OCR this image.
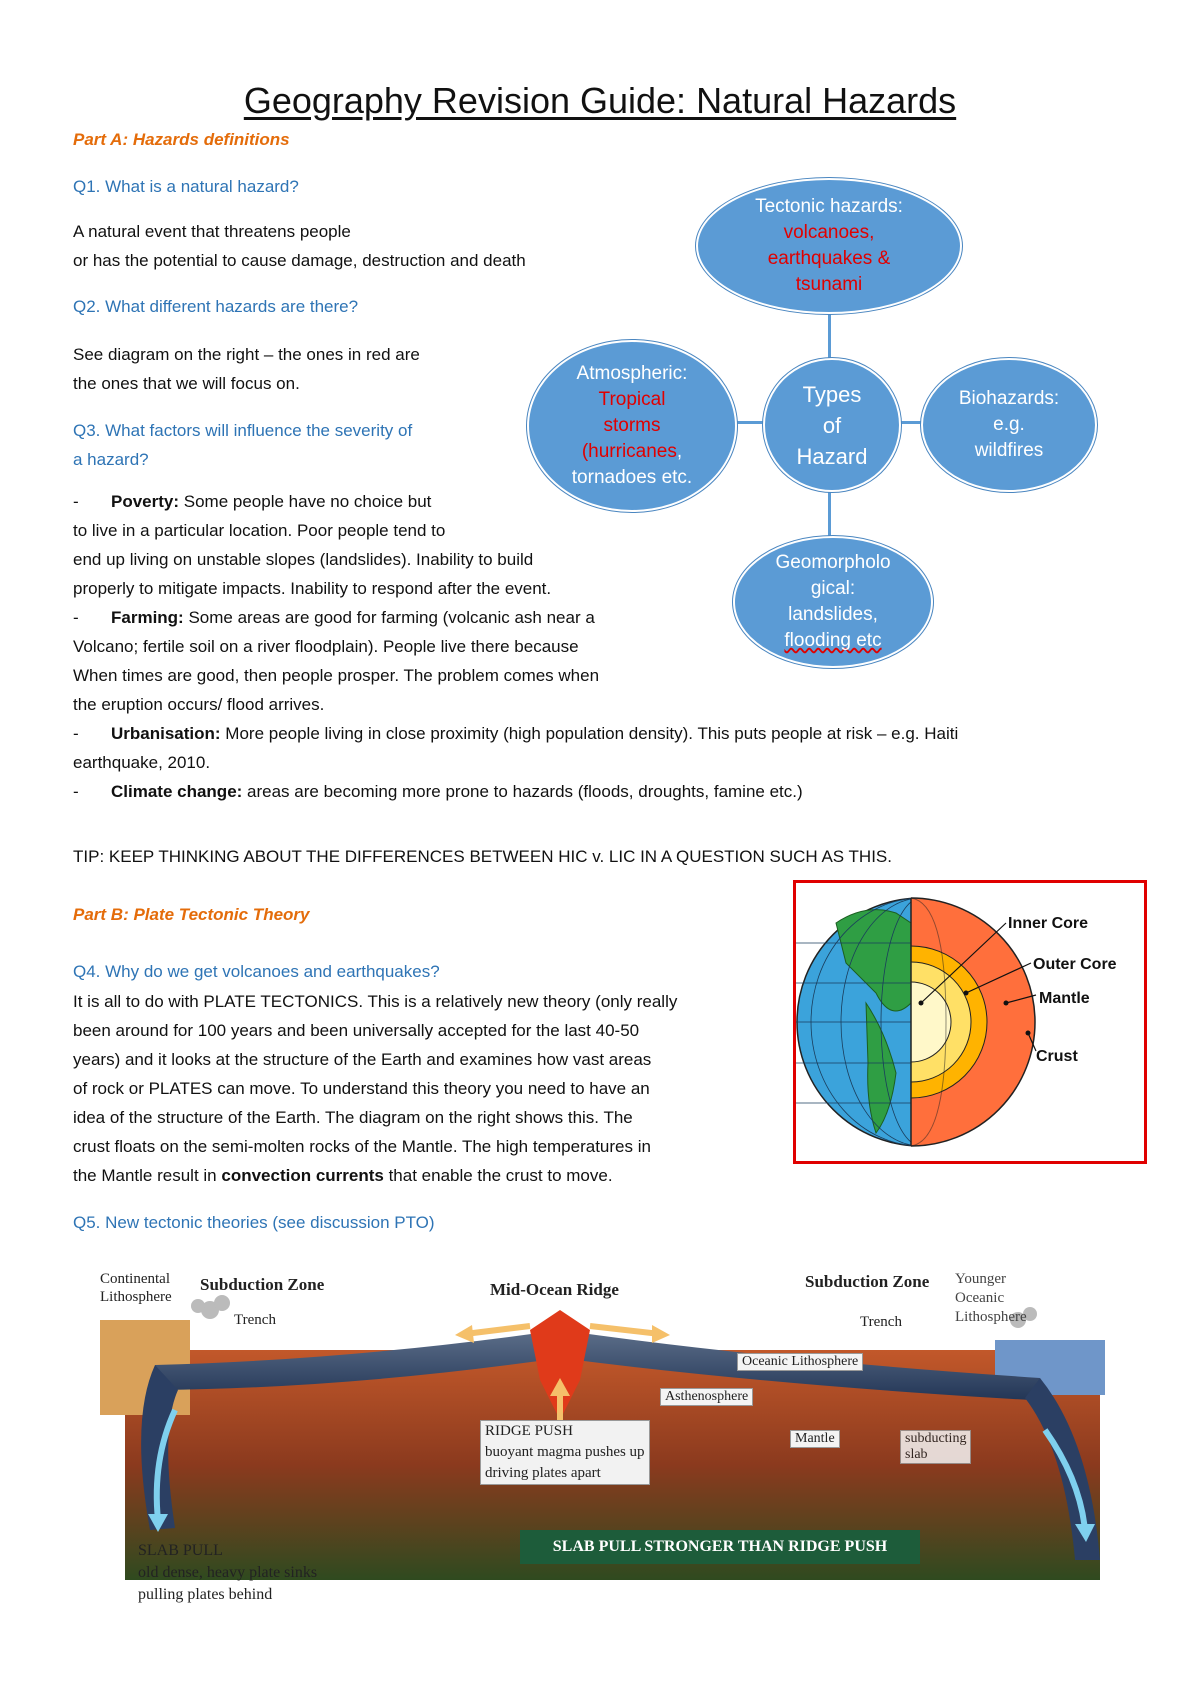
Geography Revision Guide: Natural Hazards
Part A: Hazards definitions
Q1. What is a natural hazard?
A natural event that threatens people
or has the potential to cause damage, destruction and death
Q2. What different hazards are there?
See diagram on the right – the ones in red are
the ones that we will focus on.
Q3. What factors will influence the severity of
a hazard?
- Poverty: Some people have no choice but
to live in a particular location. Poor people tend to
end up living on unstable slopes (landslides). Inability to build
properly to mitigate impacts. Inability to respond after the event.
- Farming: Some areas are good for farming (volcanic ash near a
Volcano; fertile soil on a river floodplain). People live there because
When times are good, then people prosper. The problem comes when
the eruption occurs/ flood arrives.
- Urbanisation: More people living in close proximity (high population density). This puts people at risk – e.g. Haiti
earthquake, 2010.
- Climate change: areas are becoming more prone to hazards (floods, droughts, famine etc.)
TIP: KEEP THINKING ABOUT THE DIFFERENCES BETWEEN HIC v. LIC IN A QUESTION SUCH AS THIS.
Types
of
Hazard
Tectonic hazards:
volcanoes,
earthquakes &
tsunami
Atmospheric:
Tropical
storms
(hurricanes,
tornadoes etc.
Biohazards:
e.g.
wildfires
Geomorpholo
gical:
landslides,
flooding etc
Part B: Plate Tectonic Theory
Q4. Why do we get volcanoes and earthquakes?
It is all to do with PLATE TECTONICS. This is a relatively new theory (only really
been around for 100 years and been universally accepted for the last 40-50
years) and it looks at the structure of the Earth and examines how vast areas
of rock or PLATES can move. To understand this theory you need to have an
idea of the structure of the Earth. The diagram on the right shows this. The
crust floats on the semi-molten rocks of the Mantle. The high temperatures in
the Mantle result in convection currents that enable the crust to move.
Q5. New tectonic theories (see discussion PTO)
Inner Core
Outer Core
Mantle
Crust
Continental
Lithosphere
Subduction Zone
Trench
Mid-Ocean Ridge	Subduction Zone Younger
Oceanic
Lithosphere
Trench
Oceanic Lithosphere
Asthenosphere
Mantle	subducting
slab
RIDGE PUSH
buoyant magma pushes up
driving plates apart
SLAB PULL STRONGER THAN RIDGE PUSH
SLAB PULL
old dense, heavy plate sinks
pulling plates behind
